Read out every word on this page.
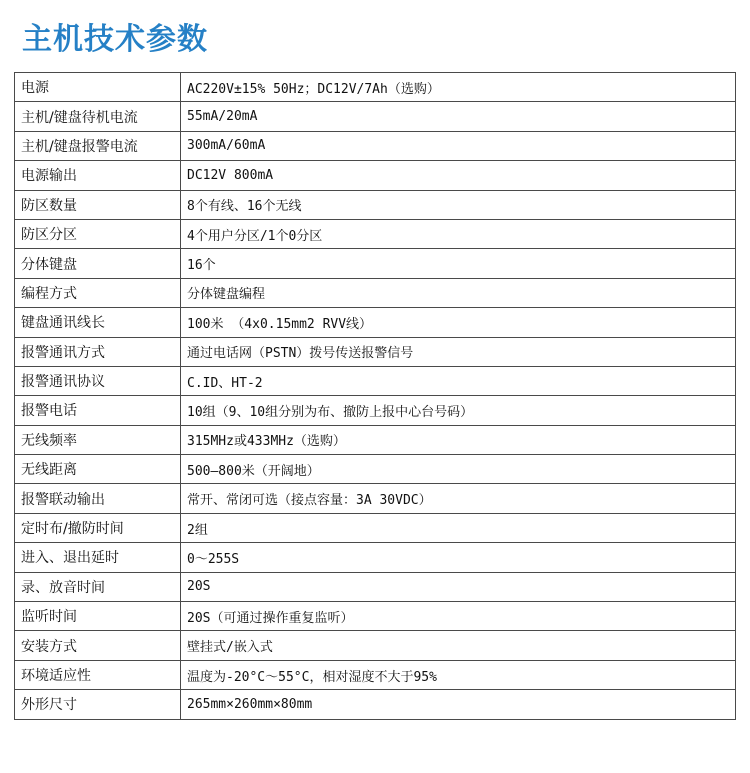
主机技术参数
电源	AC220V±15% 50Hz；DC12V/7Ah（选购）
主机/键盘待机电流	55mA/20mA
主机/键盘报警电流	300mA/60mA
电源输出	DC12V 800mA
防区数量	8个有线、16个无线
防区分区	4个用户分区/1个0分区
分体键盘	16个
编程方式	分体键盘编程
键盘通讯线长	100米 （4x0.15mm2 RVV线）
报警通讯方式	通过电话网（PSTN）拨号传送报警信号
报警通讯协议	C.ID、HT-2
报警电话	10组（9、10组分别为布、撤防上报中心台号码）
无线频率	315MHz或433MHz（选购）
无线距离	500—800米（开阔地）
报警联动输出	常开、常闭可选（接点容量：3A 30VDC）
定时布/撤防时间	2组
进入、退出延时	0～255S
录、放音时间	20S
监听时间	20S（可通过操作重复监听）
安装方式	壁挂式/嵌入式
环境适应性	温度为-20°C～55°C，相对湿度不大于95%
外形尺寸	265mm×260mm×80mm
